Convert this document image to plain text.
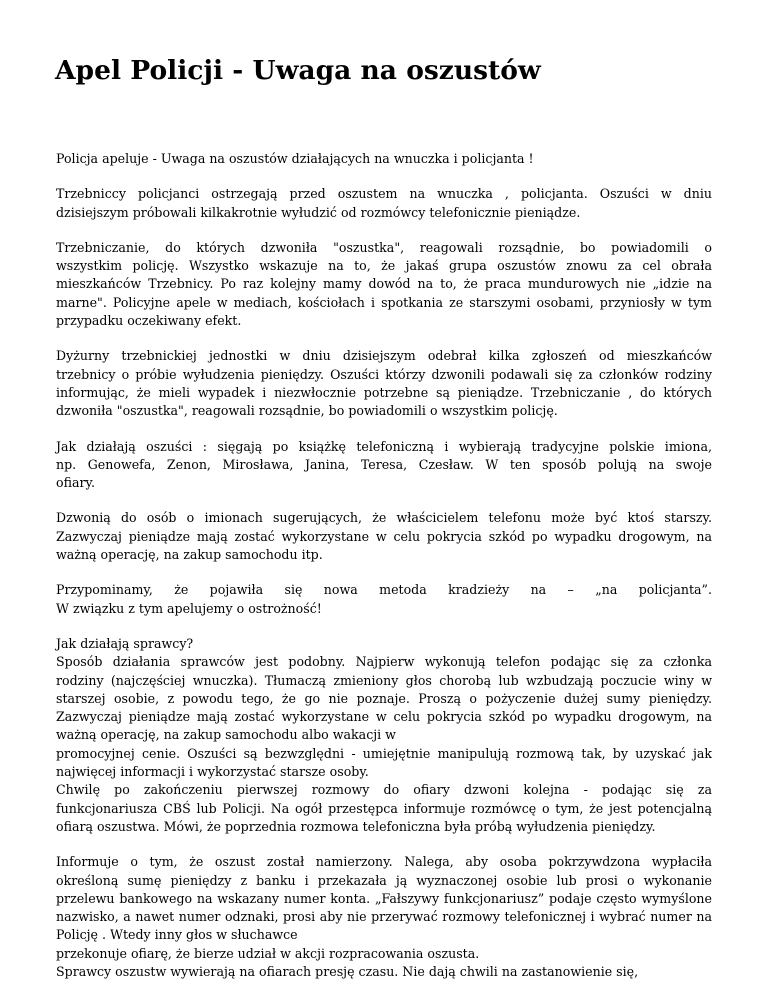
Apel Policji - Uwaga na oszustów
Policja apeluje - Uwaga na oszustów działających na wnuczka i policjanta !
Trzebniccy policjanci ostrzegają przed oszustem na wnuczka , policjanta. Oszuści w dniu
dzisiejszym próbowali kilkakrotnie wyłudzić od rozmówcy telefonicznie pieniądze.
Trzebniczanie, do których dzwoniła "oszustka", reagowali rozsądnie, bo powiadomili o
wszystkim policję. Wszystko wskazuje na to, że jakaś grupa oszustów znowu za cel obrała
mieszkańców Trzebnicy. Po raz kolejny mamy dowód na to, że praca mundurowych nie „idzie na
marne". Policyjne apele w mediach, kościołach i spotkania ze starszymi osobami, przyniosły w tym
przypadku oczekiwany efekt.
Dyżurny trzebnickiej jednostki w dniu dzisiejszym odebrał kilka zgłoszeń od mieszkańców
trzebnicy o próbie wyłudzenia pieniędzy. Oszuści którzy dzwonili podawali się za członków rodziny
informując, że mieli wypadek i niezwłocznie potrzebne są pieniądze. Trzebniczanie , do których
dzwoniła "oszustka", reagowali rozsądnie, bo powiadomili o wszystkim policję.
Jak działają oszuści : sięgają po książkę telefoniczną i wybierają tradycyjne polskie imiona,
np. Genowefa, Zenon, Mirosława, Janina, Teresa, Czesław. W ten sposób polują na swoje
ofiary.
Dzwonią do osób o imionach sugerujących, że właścicielem telefonu może być ktoś starszy.
Zazwyczaj pieniądze mają zostać wykorzystane w celu pokrycia szkód po wypadku drogowym, na
ważną operację, na zakup samochodu itp.
Przypominamy, że pojawiła się nowa metoda kradzieży na – „na policjanta”.
W związku z tym apelujemy o ostrożność!
Jak działają sprawcy?
Sposób działania sprawców jest podobny. Najpierw wykonują telefon podając się za członka
rodziny (najczęściej wnuczka). Tłumaczą zmieniony głos chorobą lub wzbudzają poczucie winy w
starszej osobie, z powodu tego, że go nie poznaje. Proszą o pożyczenie dużej sumy pieniędzy.
Zazwyczaj pieniądze mają zostać wykorzystane w celu pokrycia szkód po wypadku drogowym, na
ważną operację, na zakup samochodu albo wakacji w
promocyjnej cenie. Oszuści są bezwzględni - umiejętnie manipulują rozmową tak, by uzyskać jak
najwięcej informacji i wykorzystać starsze osoby.
Chwilę po zakończeniu pierwszej rozmowy do ofiary dzwoni kolejna - podając się za
funkcjonariusza CBŚ lub Policji. Na ogół przestępca informuje rozmówcę o tym, że jest potencjalną
ofiarą oszustwa. Mówi, że poprzednia rozmowa telefoniczna była próbą wyłudzenia pieniędzy.
Informuje o tym, że oszust został namierzony. Nalega, aby osoba pokrzywdzona wypłaciła
określoną sumę pieniędzy z banku i przekazała ją wyznaczonej osobie lub prosi o wykonanie
przelewu bankowego na wskazany numer konta. „Fałszywy funkcjonariusz” podaje często wymyślone
nazwisko, a nawet numer odznaki, prosi aby nie przerywać rozmowy telefonicznej i wybrać numer na
Policję . Wtedy inny głos w słuchawce
przekonuje ofiarę, że bierze udział w akcji rozpracowania oszusta.
Sprawcy oszustw wywierają na ofiarach presję czasu. Nie dają chwili na zastanowienie się,
